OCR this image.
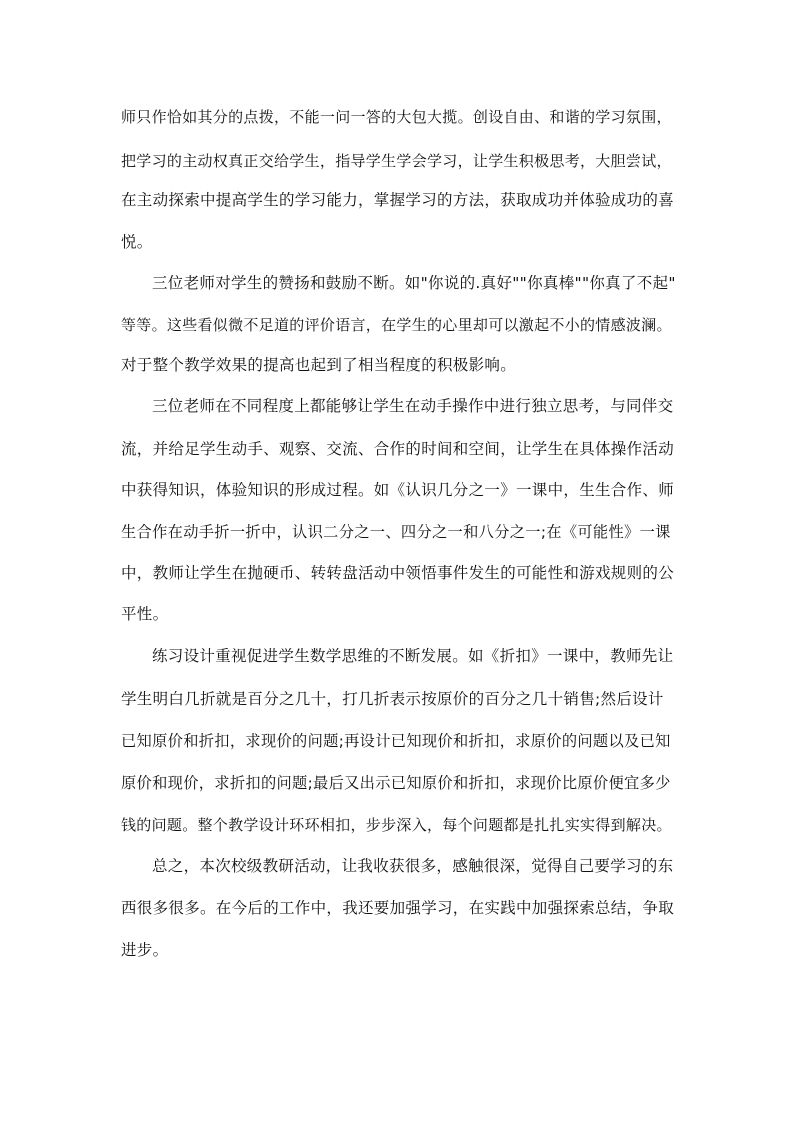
师只作恰如其分的点拨，不能一问一答的大包大揽。创设自由、和谐的学习氛围，
把学习的主动权真正交给学生，指导学生学会学习，让学生积极思考，大胆尝试，
在主动探索中提高学生的学习能力，掌握学习的方法，获取成功并体验成功的喜
悦。
三位老师对学生的赞扬和鼓励不断。如"你说的.真好""你真棒""你真了不起"
等等。这些看似微不足道的评价语言，在学生的心里却可以激起不小的情感波澜。
对于整个教学效果的提高也起到了相当程度的积极影响。
三位老师在不同程度上都能够让学生在动手操作中进行独立思考，与同伴交
流，并给足学生动手、观察、交流、合作的时间和空间，让学生在具体操作活动
中获得知识，体验知识的形成过程。如《认识几分之一》一课中，生生合作、师
生合作在动手折一折中，认识二分之一、四分之一和八分之一;在《可能性》一课
中，教师让学生在抛硬币、转转盘活动中领悟事件发生的可能性和游戏规则的公
平性。
练习设计重视促进学生数学思维的不断发展。如《折扣》一课中，教师先让
学生明白几折就是百分之几十，打几折表示按原价的百分之几十销售;然后设计
已知原价和折扣，求现价的问题;再设计已知现价和折扣，求原价的问题以及已知
原价和现价，求折扣的问题;最后又出示已知原价和折扣，求现价比原价便宜多少
钱的问题。整个教学设计环环相扣，步步深入，每个问题都是扎扎实实得到解决。
总之，本次校级教研活动，让我收获很多，感触很深，觉得自己要学习的东
西很多很多。在今后的工作中，我还要加强学习，在实践中加强探索总结，争取
进步。
